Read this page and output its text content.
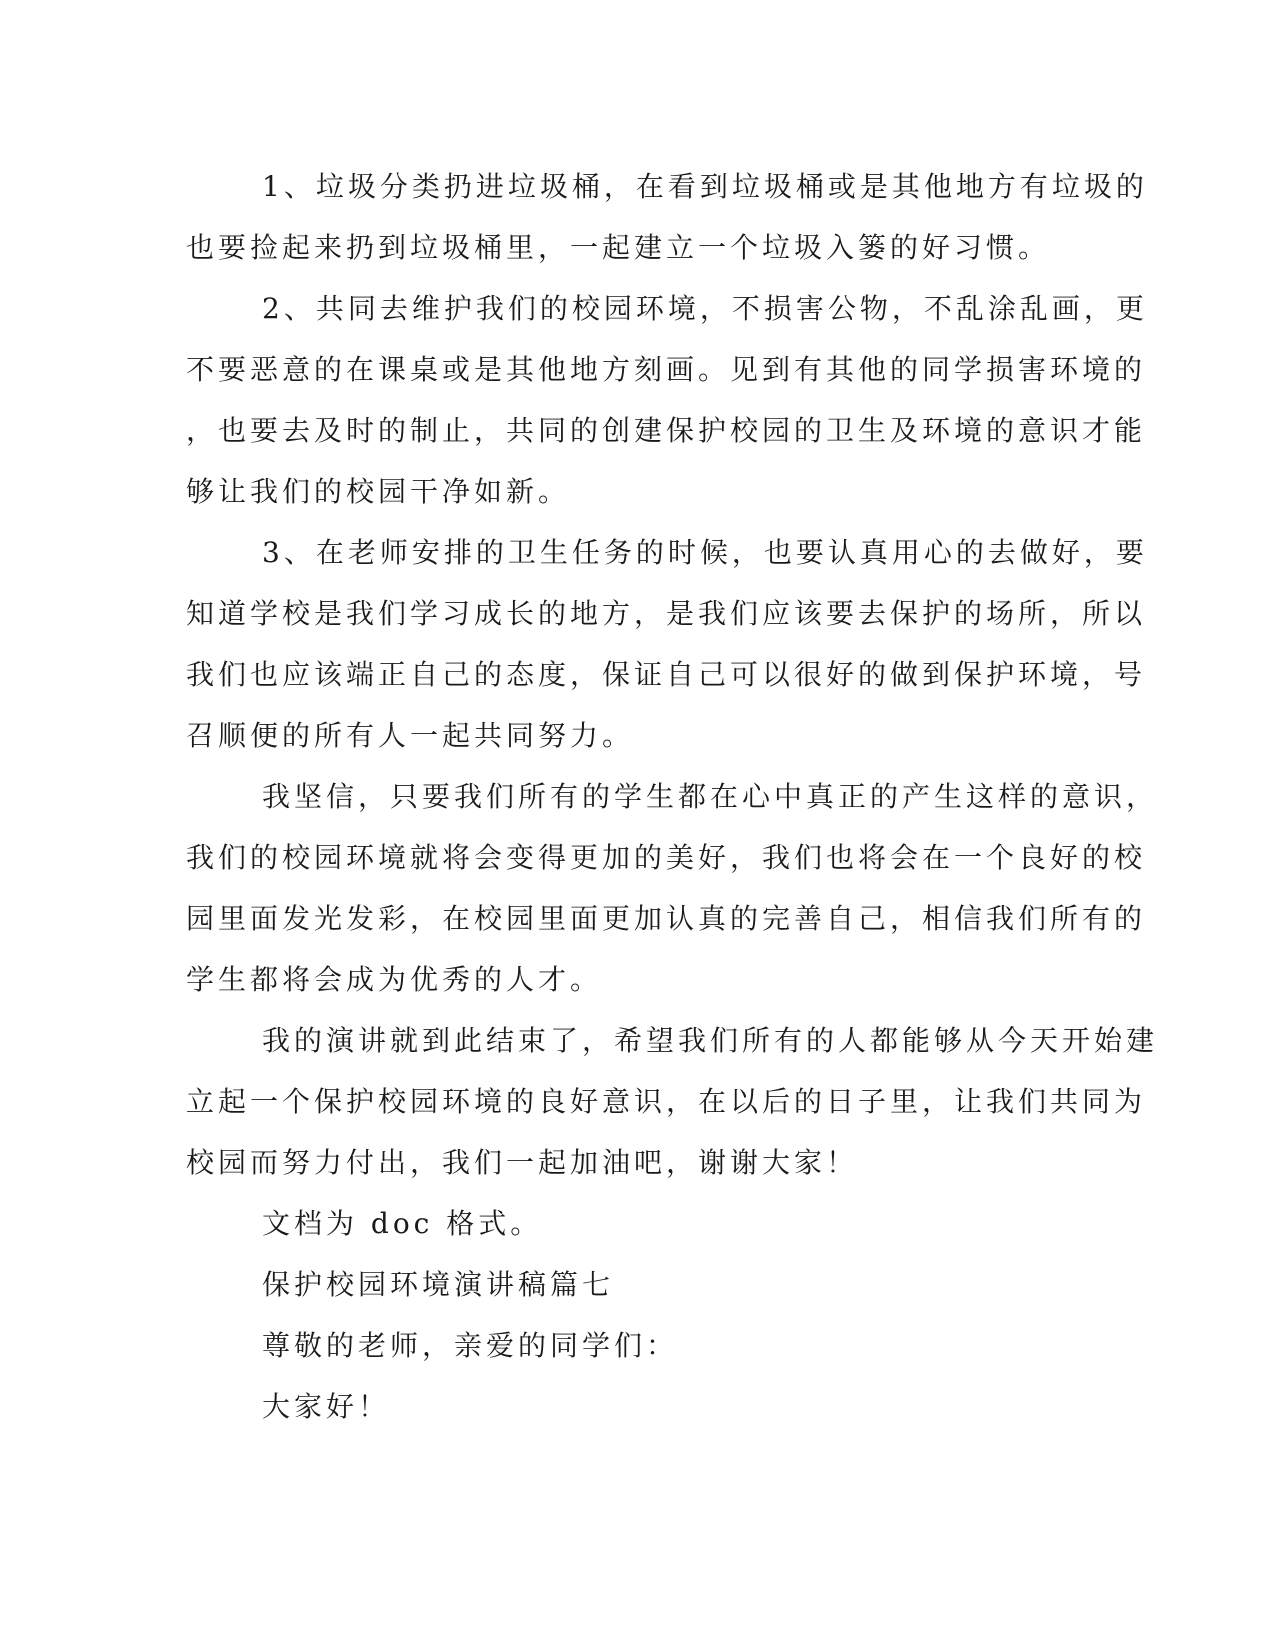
1、垃圾分类扔进垃圾桶，在看到垃圾桶或是其他地方有垃圾的
也要捡起来扔到垃圾桶里，一起建立一个垃圾入篓的好习惯。
2、共同去维护我们的校园环境，不损害公物，不乱涂乱画，更
不要恶意的在课桌或是其他地方刻画。见到有其他的同学损害环境的
，也要去及时的制止，共同的创建保护校园的卫生及环境的意识才能
够让我们的校园干净如新。
3、在老师安排的卫生任务的时候，也要认真用心的去做好，要
知道学校是我们学习成长的地方，是我们应该要去保护的场所，所以
我们也应该端正自己的态度，保证自己可以很好的做到保护环境，号
召顺便的所有人一起共同努力。
我坚信，只要我们所有的学生都在心中真正的产生这样的意识，
我们的校园环境就将会变得更加的美好，我们也将会在一个良好的校
园里面发光发彩，在校园里面更加认真的完善自己，相信我们所有的
学生都将会成为优秀的人才。
我的演讲就到此结束了，希望我们所有的人都能够从今天开始建
立起一个保护校园环境的良好意识，在以后的日子里，让我们共同为
校园而努力付出，我们一起加油吧，谢谢大家！
文档为 doc 格式。
保护校园环境演讲稿篇七
尊敬的老师，亲爱的同学们：
大家好！
